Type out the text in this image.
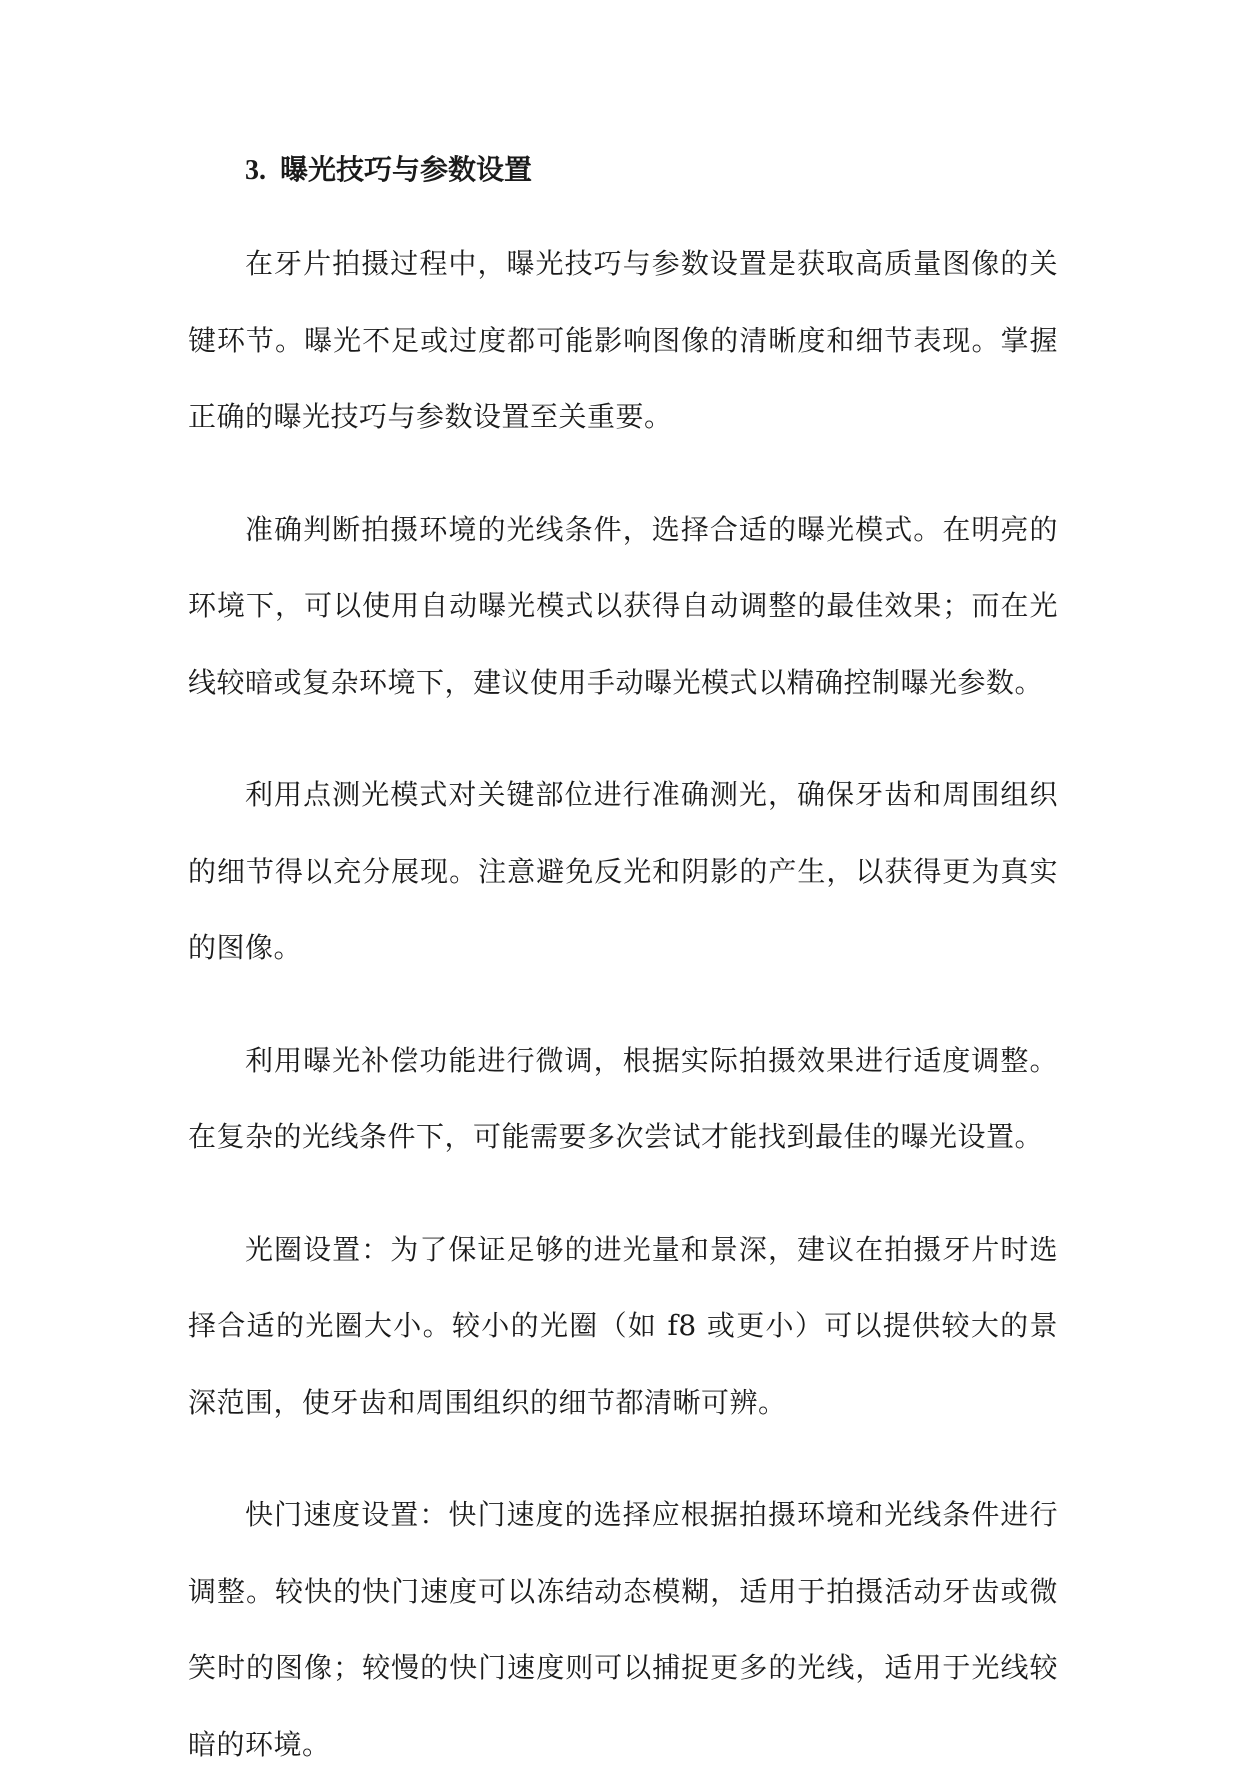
3. 曝光技巧与参数设置

在牙片拍摄过程中，曝光技巧与参数设置是获取高质量图像的关键环节。曝光不足或过度都可能影响图像的清晰度和细节表现。掌握正确的曝光技巧与参数设置至关重要。

准确判断拍摄环境的光线条件，选择合适的曝光模式。在明亮的环境下，可以使用自动曝光模式以获得自动调整的最佳效果；而在光线较暗或复杂环境下，建议使用手动曝光模式以精确控制曝光参数。

利用点测光模式对关键部位进行准确测光，确保牙齿和周围组织的细节得以充分展现。注意避免反光和阴影的产生，以获得更为真实的图像。

利用曝光补偿功能进行微调，根据实际拍摄效果进行适度调整。在复杂的光线条件下，可能需要多次尝试才能找到最佳的曝光设置。

光圈设置：为了保证足够的进光量和景深，建议在拍摄牙片时选择合适的光圈大小。较小的光圈（如 f8 或更小）可以提供较大的景深范围，使牙齿和周围组织的细节都清晰可辨。

快门速度设置：快门速度的选择应根据拍摄环境和光线条件进行调整。较快的快门速度可以冻结动态模糊，适用于拍摄活动牙齿或微笑时的图像；较慢的快门速度则可以捕捉更多的光线，适用于光线较暗的环境。
